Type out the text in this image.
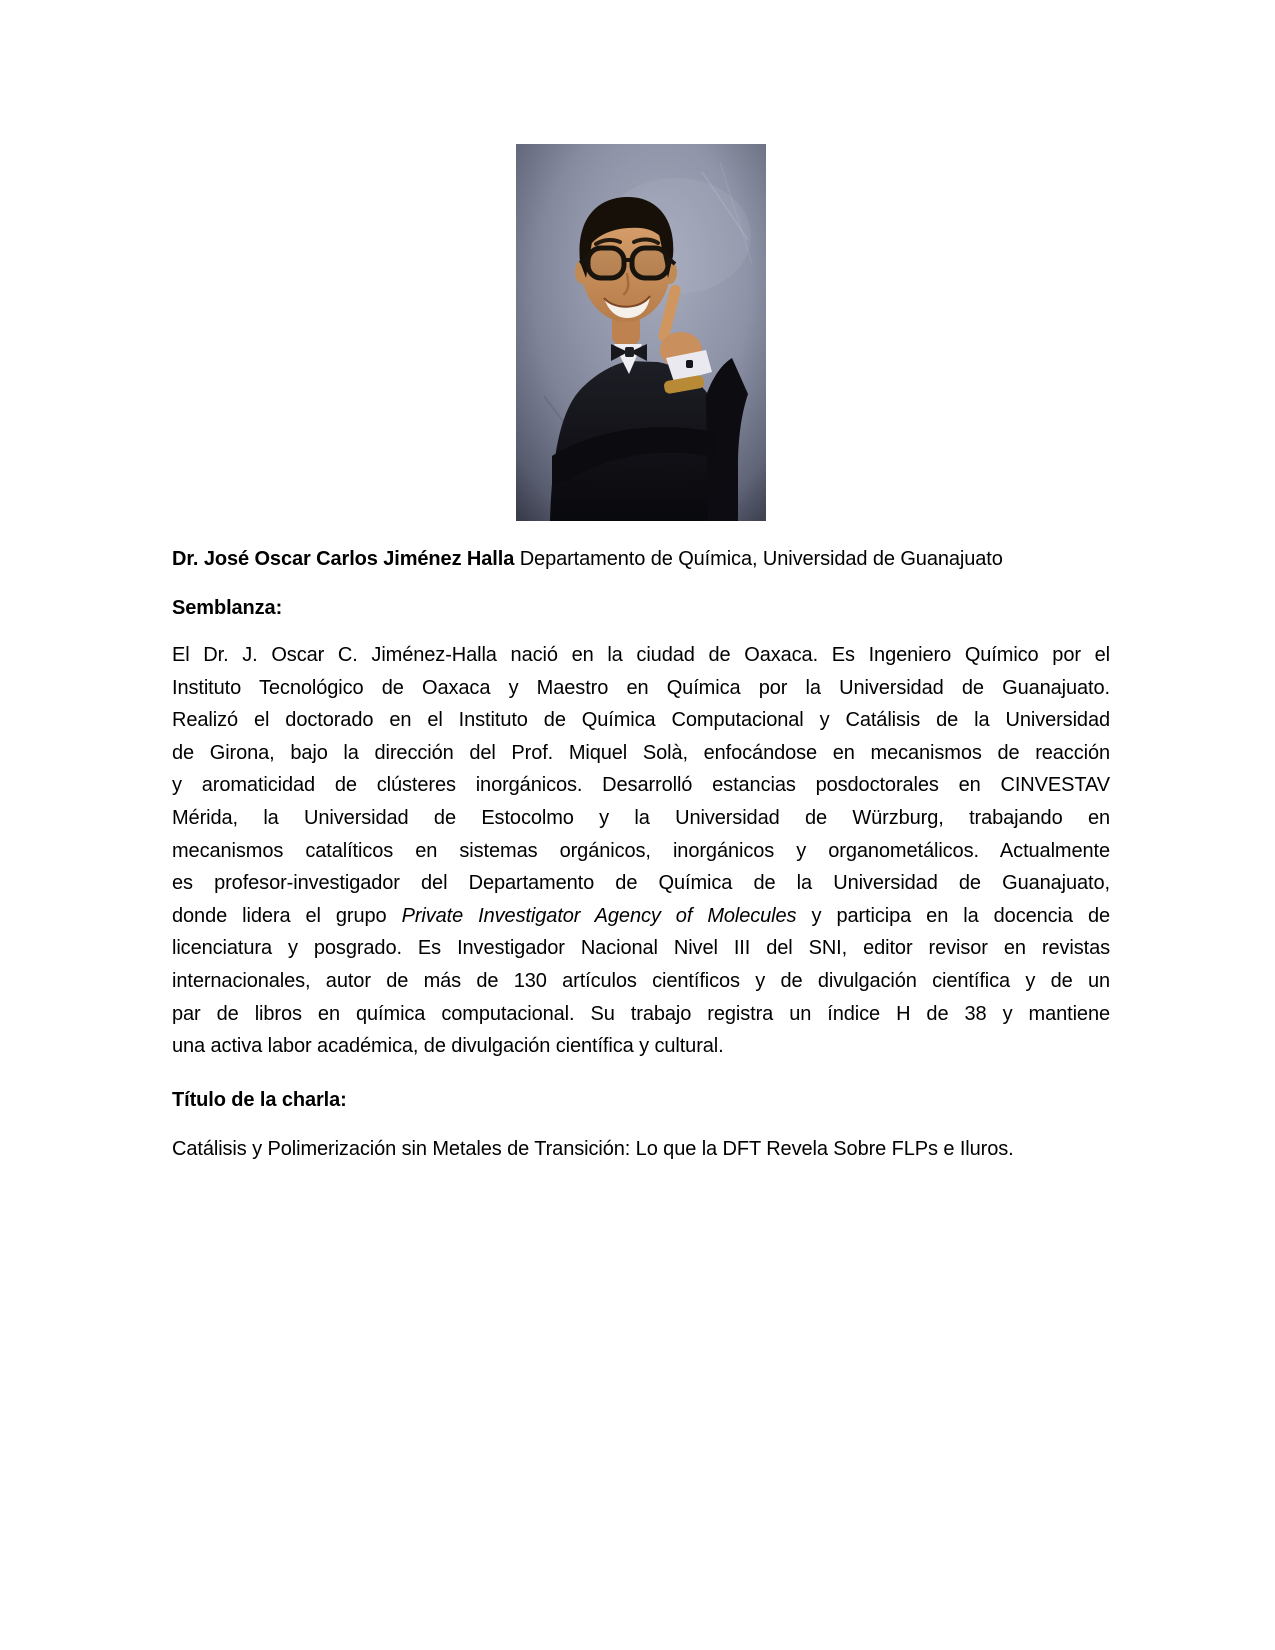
Dr. José Oscar Carlos Jiménez Halla Departamento de Química, Universidad de Guanajuato

Semblanza:
El Dr. J. Oscar C. Jiménez-Halla nació en la ciudad de Oaxaca. Es Ingeniero Químico por el
Instituto Tecnológico de Oaxaca y Maestro en Química por la Universidad de Guanajuato.
Realizó el doctorado en el Instituto de Química Computacional y Catálisis de la Universidad
de Girona, bajo la dirección del Prof. Miquel Solà, enfocándose en mecanismos de reacción
y aromaticidad de clústeres inorgánicos. Desarrolló estancias posdoctorales en CINVESTAV
Mérida, la Universidad de Estocolmo y la Universidad de Würzburg, trabajando en
mecanismos catalíticos en sistemas orgánicos, inorgánicos y organometálicos. Actualmente
es profesor-investigador del Departamento de Química de la Universidad de Guanajuato,
donde lidera el grupo Private Investigator Agency of Molecules y participa en la docencia de
licenciatura y posgrado. Es Investigador Nacional Nivel III del SNI, editor revisor en revistas
internacionales, autor de más de 130 artículos científicos y de divulgación científica y de un
par de libros en química computacional. Su trabajo registra un índice H de 38 y mantiene
una activa labor académica, de divulgación científica y cultural.
Título de la charla:

Catálisis y Polimerización sin Metales de Transición: Lo que la DFT Revela Sobre FLPs e Iluros.
